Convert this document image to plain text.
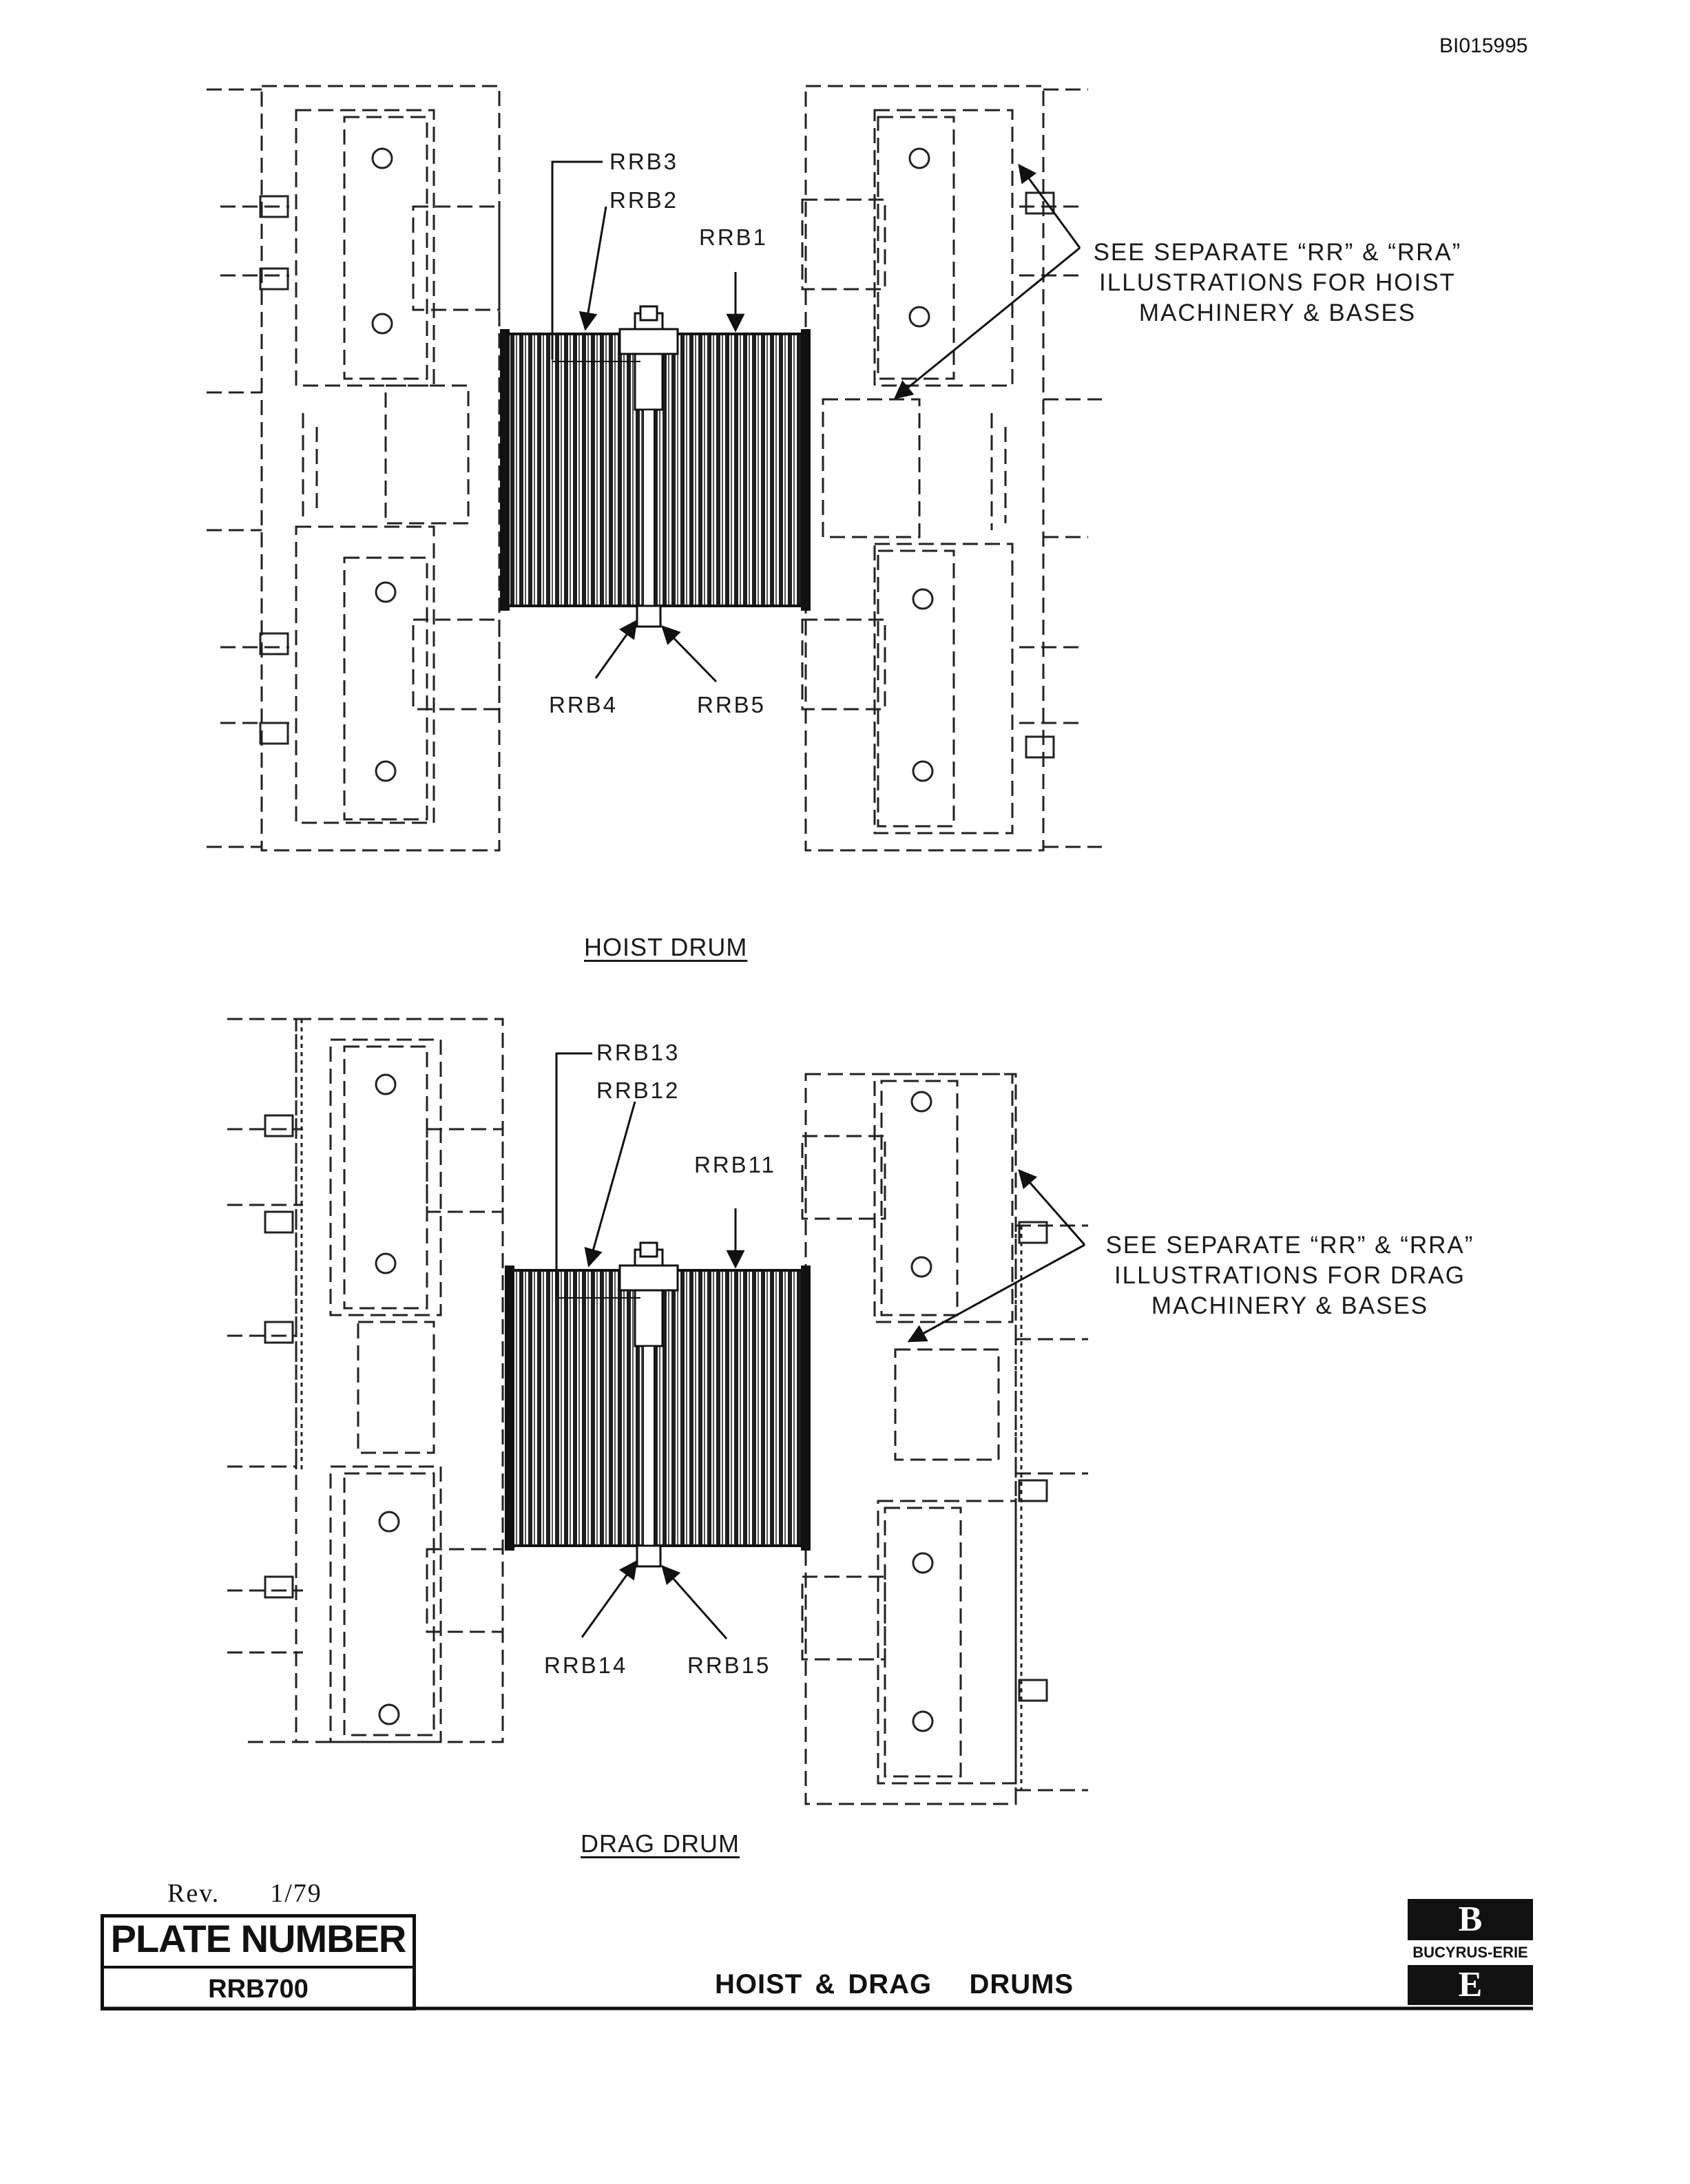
BI015995
RRB3
RRB2
RRB1
RRB4	RRB5
SEE SEPARATE “RR” & “RRA”
ILLUSTRATIONS FOR HOIST
MACHINERY & BASES
HOIST DRUM
RRB13
RRB12
RRB11
RRB14	RRB15
SEE SEPARATE “RR” & “RRA”
ILLUSTRATIONS FOR DRAG
MACHINERY & BASES
DRAG DRUM
Rev. 1/79
PLATE NUMBER
RRB700	HOIST & DRAG   DRUMS
B
BUCYRUS-ERIE
E
